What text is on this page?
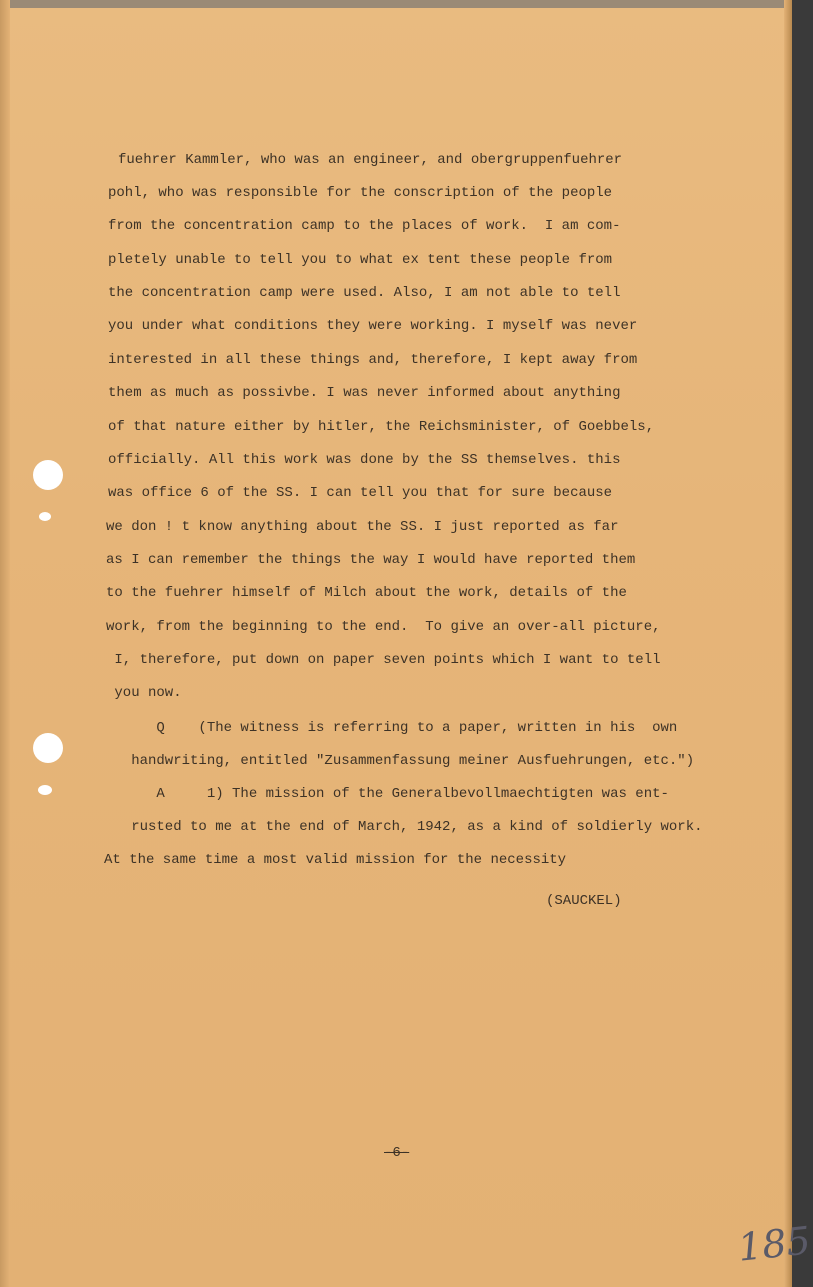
fuehrer Kammler, who was an engineer, and obergruppenfuehrer
pohl, who was responsible for the conscription of the people
from the concentration camp to the places of work.  I am com-
pletely unable to tell you to what ex tent these people from
the concentration camp were used. Also, I am not able to tell
you under what conditions they were working. I myself was never
interested in all these things and, therefore, I kept away from
them as much as possivbe. I was never informed about anything
of that nature either by hitler, the Reichsminister, of Goebbels,
officially. All this work was done by the SS themselves. this
was office 6 of the SS. I can tell you that for sure because
we don ! t know anything about the SS. I just reported as far
as I can remember the things the way I would have reported them
to the fuehrer himself of Milch about the work, details of the
work, from the beginning to the end.  To give an over-all picture,
I, therefore, put down on paper seven points which I want to tell
you now.
Q    (The witness is referring to a paper, written in his  own
handwriting, entitled "Zusammenfassung meiner Ausfuehrungen, etc.")
A     1) The mission of the Generalbevollmaechtigten was ent-
rusted to me at the end of March, 1942, as a kind of soldierly work.
At the same time a most valid mission for the necessity
(SAUCKEL)
-6-
185
